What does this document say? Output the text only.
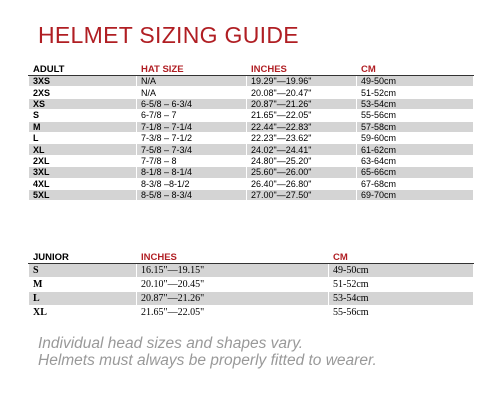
HELMET SIZING GUIDE
ADULT	HAT SIZE	INCHES	CM
3XS	N/A	19.29"—19.96"	49-50cm
2XS	N/A	20.08"—20.47"	51-52cm
XS	6-5/8 – 6-3/4	20.87"—21.26"	53-54cm
S	6-7/8 – 7	21.65"—22.05"	55-56cm
M	7-1/8 – 7-1/4	22.44"—22.83"	57-58cm
L	7-3/8 – 7-1/2	22.23"—23.62"	59-60cm
XL	7-5/8 – 7-3/4	24.02"—24.41"	61-62cm
2XL	7-7/8 – 8	24.80"—25.20"	63-64cm
3XL	8-1/8 – 8-1/4	25.60"—26.00"	65-66cm
4XL	8-3/8 –8-1/2	26.40"—26.80"	67-68cm
5XL	8-5/8 – 8-3/4	27.00"—27.50"	69-70cm
JUNIOR	INCHES	CM
S	16.15"—19.15"	49-50cm
M	20.10"—20.45"	51-52cm
L	20.87"—21.26"	53-54cm
XL	21.65"—22.05"	55-56cm
Individual head sizes and shapes vary.
Helmets must always be properly fitted to wearer.
